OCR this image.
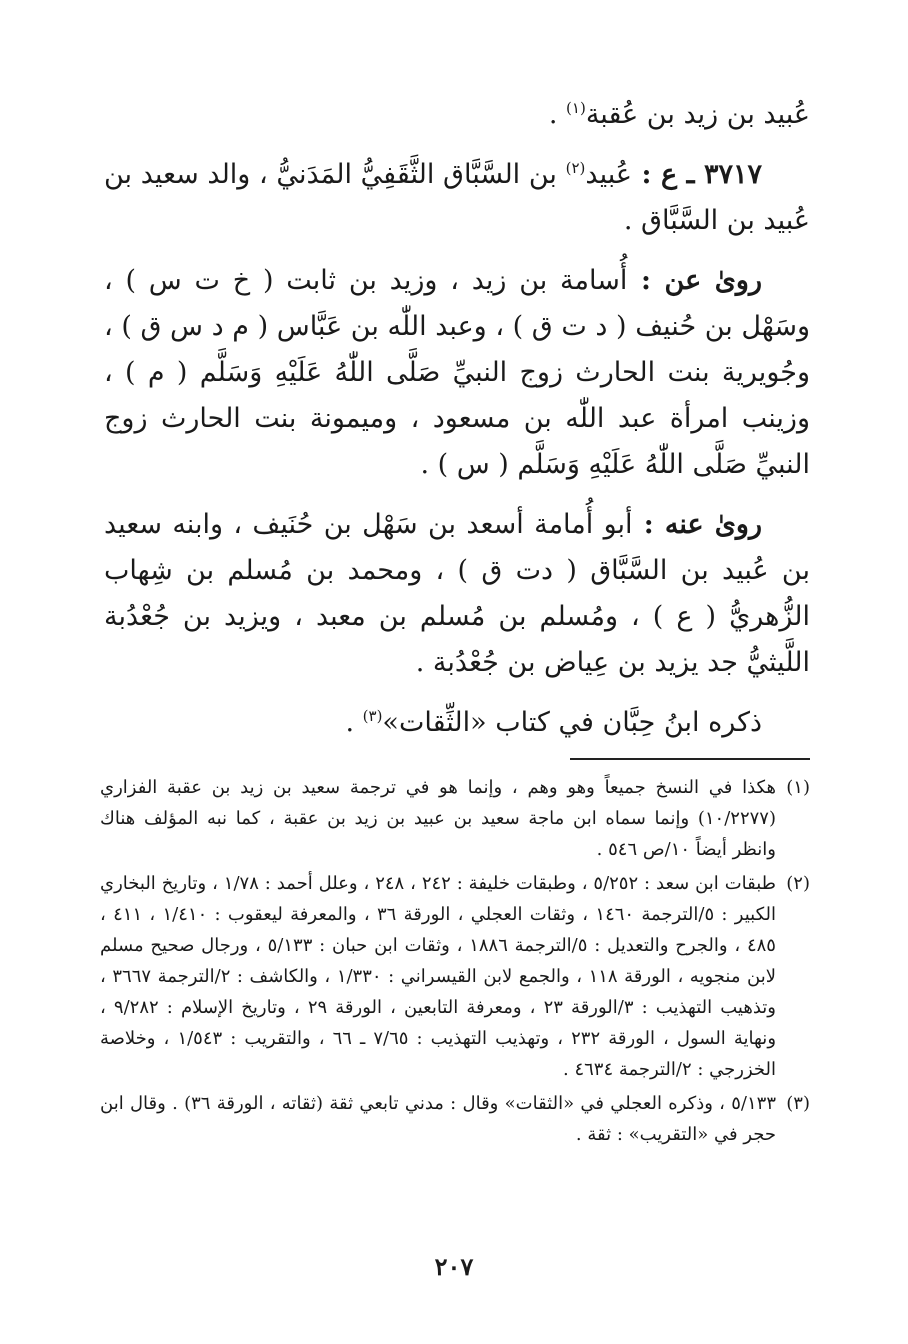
عُبيد بن زيد بن عُقبة$^{(١)}$ .

٣٧١٧ ـ ع : عُبيد$^{(٢)}$ بن السَّبَّاق الثَّقَفِيُّ المَدَنيُّ ، والد سعيد بن عُبيد بن السَّبَّاق .

روىٰ عن : أُسامة بن زيد ، وزيد بن ثابت ( خ ت س ) ، وسَهْل بن حُنيف ( د ت ق ) ، وعبد اللّٰه بن عَبَّاس ( م د س ق ) ، وجُويرية بنت الحارث زوج النبيِّ صَلَّى اللّٰهُ عَلَيْهِ وَسَلَّم ( م ) ، وزينب امرأة عبد اللّٰه بن مسعود ، وميمونة بنت الحارث زوج النبيِّ صَلَّى اللّٰهُ عَلَيْهِ وَسَلَّم ( س ) .

روىٰ عنه : أبو أُمامة أسعد بن سَهْل بن حُنَيف ، وابنه سعيد بن عُبيد بن السَّبَّاق ( دت ق ) ، ومحمد بن مُسلم بن شِهاب الزُّهريُّ ( ع ) ، ومُسلم بن مُسلم بن معبد ، ويزيد بن جُعْدُبة اللَّيثيُّ جد يزيد بن عِياض بن جُعْدُبة .

ذكره ابنُ حِبَّان في كتاب «الثِّقات»$^{(٣)}$ .

(١)هكذا في النسخ جميعاً وهو وهم ، وإنما هو في ترجمة سعيد بن زيد بن عقبة الفزاري (١٠/٢٢٧٧) وإنما سماه ابن ماجة سعيد بن عبيد بن زيد بن عقبة ، كما نبه المؤلف هناك وانظر أيضاً ١٠/ص ٥٤٦ .

(٢)طبقات ابن سعد : ٥/٢٥٢ ، وطبقات خليفة : ٢٤٢ ، ٢٤٨ ، وعلل أحمد : ١/٧٨ ، وتاريخ البخاري الكبير : ٥/الترجمة ١٤٦٠ ، وثقات العجلي ، الورقة ٣٦ ، والمعرفة ليعقوب : ١/٤١٠ ، ٤١١ ، ٤٨٥ ، والجرح والتعديل : ٥/الترجمة ١٨٨٦ ، وثقات ابن حبان : ٥/١٣٣ ، ورجال صحيح مسلم لابن منجويه ، الورقة ١١٨ ، والجمع لابن القيسراني : ١/٣٣٠ ، والكاشف : ٢/الترجمة ٣٦٦٧ ، وتذهيب التهذيب : ٣/الورقة ٢٣ ، ومعرفة التابعين ، الورقة ٢٩ ، وتاريخ الإسلام : ٩/٢٨٢ ، ونهاية السول ، الورقة ٢٣٢ ، وتهذيب التهذيب : ٧/٦٥ ـ ٦٦ ، والتقريب : ١/٥٤٣ ، وخلاصة الخزرجي : ٢/الترجمة ٤٦٣٤ .

(٣)٥/١٣٣ ، وذكره العجلي في «الثقات» وقال : مدني تابعي ثقة (ثقاته ، الورقة ٣٦) . وقال ابن حجر في «التقريب» : ثقة .

٢٠٧
